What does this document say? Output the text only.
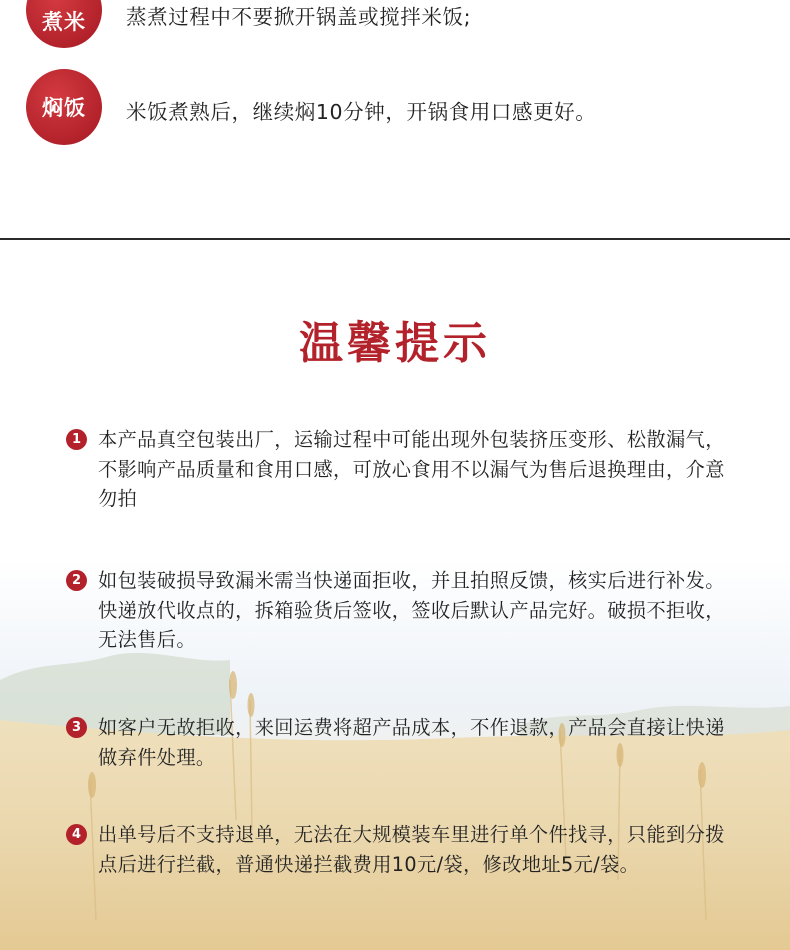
煮米 蒸煮过程中不要掀开锅盖或搅拌米饭;
焖饭 米饭煮熟后，继续焖10分钟，开锅食用口感更好。
温馨提示
1 本产品真空包装出厂，运输过程中可能出现外包装挤压变形、松散漏气，不影响产品质量和食用口感，可放心食用不以漏气为售后退换理由，介意勿拍
2 如包装破损导致漏米需当快递面拒收，并且拍照反馈，核实后进行补发。快递放代收点的，拆箱验货后签收，签收后默认产品完好。破损不拒收，无法售后。
3 如客户无故拒收，来回运费将超产品成本，不作退款，产品会直接让快递做弃件处理。
4 出单号后不支持退单，无法在大规模装车里进行单个件找寻，只能到分拨点后进行拦截，普通快递拦截费用10元/袋，修改地址5元/袋。
